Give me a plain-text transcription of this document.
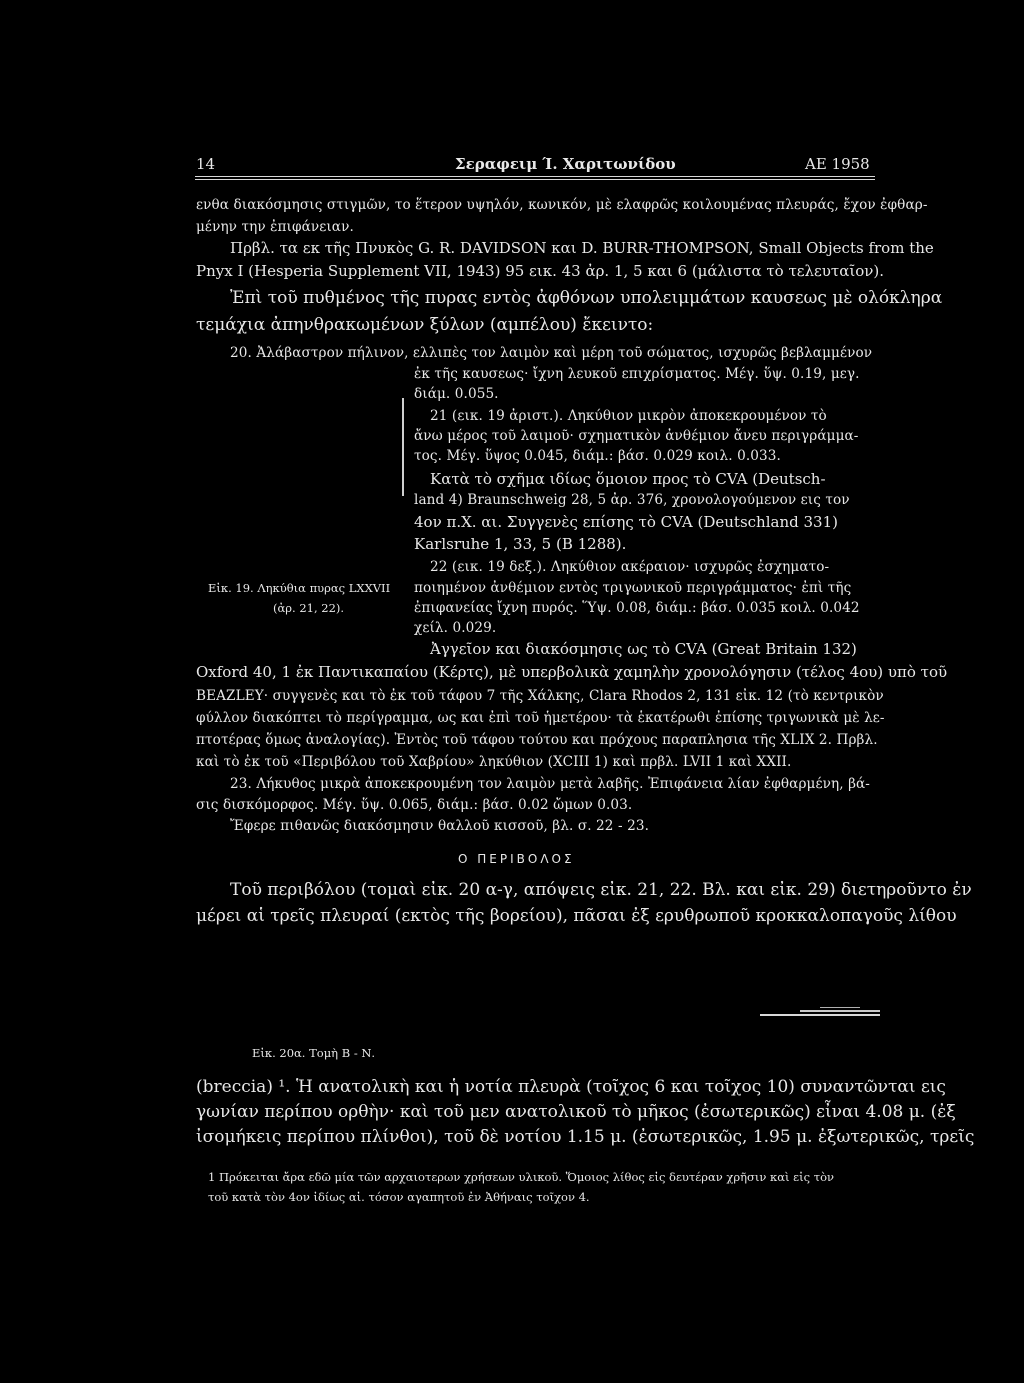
14	Σεραφειμ Ί. Χαριτωνίδου	ΑΕ 1958
ενθα διακόσμησις στιγμῶν, το ἕτερον υψηλόν, κωνικόν, μὲ ελαφρῶς κοιλουμένας πλευράς, ἔχον ἐφθαρ-
μένην την ἐπιφάνειαν.
Πρβλ. τα εκ τῆς Πνυκὸς G. R. DAVIDSON και D. BURR-THOMPSON, Small Objects from the
Pnyx I (Hesperia Supplement VII, 1943) 95 εικ. 43 ἀρ. 1, 5 και 6 (μάλιστα τὸ τελευταῖον).
Ἐπὶ τοῦ πυθμένος τῆς πυρας εντὸς ἀφθόνων υπολειμμάτων καυσεως μὲ ολόκληρα
τεμάχια ἀπηνθρακωμένων ξύλων (αμπέλου) ἔκειντο:
20. Ἀλάβαστρον πήλινον, ελλιπὲς τον λαιμὸν καὶ μέρη τοῦ σώματος, ισχυρῶς βεβλαμμένον
ἐκ τῆς καυσεως· ἴχνη λευκοῦ επιχρίσματος. Μέγ. ὕψ. 0.19, μεγ.
διάμ. 0.055.
21 (εικ. 19 ἀριστ.). Ληκύθιον μικρὸν ἀποκεκρουμένον τὸ
ἄνω μέρος τοῦ λαιμοῦ· σχηματικὸν ἀνθέμιον ἄνευ περιγράμμα-
τος. Μέγ. ὕψος 0.045, διάμ.: βάσ. 0.029 κοιλ. 0.033.
Κατὰ τὸ σχῆμα ιδίως ὅμοιον προς τὸ CVA (Deutsch-
land 4) Braunschweig 28, 5 ἀρ. 376, χρονολογούμενον εις τον
4ον π.Χ. αι. Συγγενὲς επίσης τὸ CVA (Deutschland 331)
Karlsruhe 1, 33, 5 (Β 1288).
22 (εικ. 19 δεξ.). Ληκύθιον ακέραιον· ισχυρῶς ἐσχηματο-
ποιημένον ἀνθέμιον εντὸς τριγωνικοῦ περιγράμματος· ἐπὶ τῆς
ἐπιφανείας ἴχνη πυρός. Ὕψ. 0.08, διάμ.: βάσ. 0.035 κοιλ. 0.042
χείλ. 0.029.
Ἀγγεῖον και διακόσμησις ως τὸ CVA (Great Britain 132)
Εἰκ. 19. Ληκύθια πυρας LXXVII
(ἀρ. 21, 22).
Oxford 40, 1 ἐκ Παντικαπαίου (Κέρτς), μὲ υπερβολικὰ χαμηλὴν χρονολόγησιν (τέλος 4ου) υπὸ τοῦ
BEAZLEY· συγγενὲς και τὸ ἐκ τοῦ τάφου 7 τῆς Χάλκης, Clara Rhodos 2, 131 εἰκ. 12 (τὸ κεντρικὸν
φύλλον διακόπτει τὸ περίγραμμα, ως και ἐπὶ τοῦ ἡμετέρου· τὰ ἑκατέρωθι ἐπίσης τριγωνικὰ μὲ λε-
πτοτέρας ὅμως ἀναλογίας). Ἐντὸς τοῦ τάφου τούτου και πρόχους παραπλησια τῆς XLIX 2. Πρβλ.
καὶ τὸ ἐκ τοῦ «Περιβόλου τοῦ Χαβρίου» ληκύθιον (XCIII 1) καὶ πρβλ. LVII 1 καὶ XXII.
23. Λήκυθος μικρὰ ἀποκεκρουμένη τον λαιμὸν μετὰ λαβῆς. Ἐπιφάνεια λίαν ἐφθαρμένη, βά-
σις δισκόμορφος. Μέγ. ὕψ. 0.065, διάμ.: βάσ. 0.02 ὤμων 0.03.
Ἔφερε πιθανῶς διακόσμησιν θαλλοῦ κισσοῦ, βλ. σ. 22 - 23.
Ο ΠΕΡΙΒΟΛΟΣ
Τοῦ περιβόλου (τομαὶ εἰκ. 20 α-γ, απόψεις εἰκ. 21, 22. Βλ. και εἰκ. 29) διετηροῦντο ἐν
μέρει αἱ τρεῖς πλευραί (εκτὸς τῆς βορείου), πᾶσαι ἐξ ερυθρωποῦ κροκκαλοπαγοῦς λίθου
Εἰκ. 20α. Τομὴ Β - Ν.
(breccia) ¹. Ἡ ανατολικὴ και ἡ νοτία πλευρὰ (τοῖχος 6 και τοῖχος 10) συναντῶνται εις
γωνίαν περίπου ορθὴν· καὶ τοῦ μεν ανατολικοῦ τὸ μῆκος (ἐσωτερικῶς) εἶναι 4.08 μ. (ἐξ
ἰσομήκεις περίπου πλίνθοι), τοῦ δὲ νοτίου 1.15 μ. (ἐσωτερικῶς, 1.95 μ. ἐξωτερικῶς, τρεῖς
1 Πρόκειται ἄρα εδῶ μία τῶν αρχαιοτερων χρήσεων υλικοῦ. Ὅμοιος λίθος εἰς δευτέραν χρῆσιν καὶ εἰς τὸν
τοῦ κατὰ τὸν 4ον ἰδίως αἰ. τόσον αγαπητοῦ ἐν Ἀθήναις τοῖχον 4.
